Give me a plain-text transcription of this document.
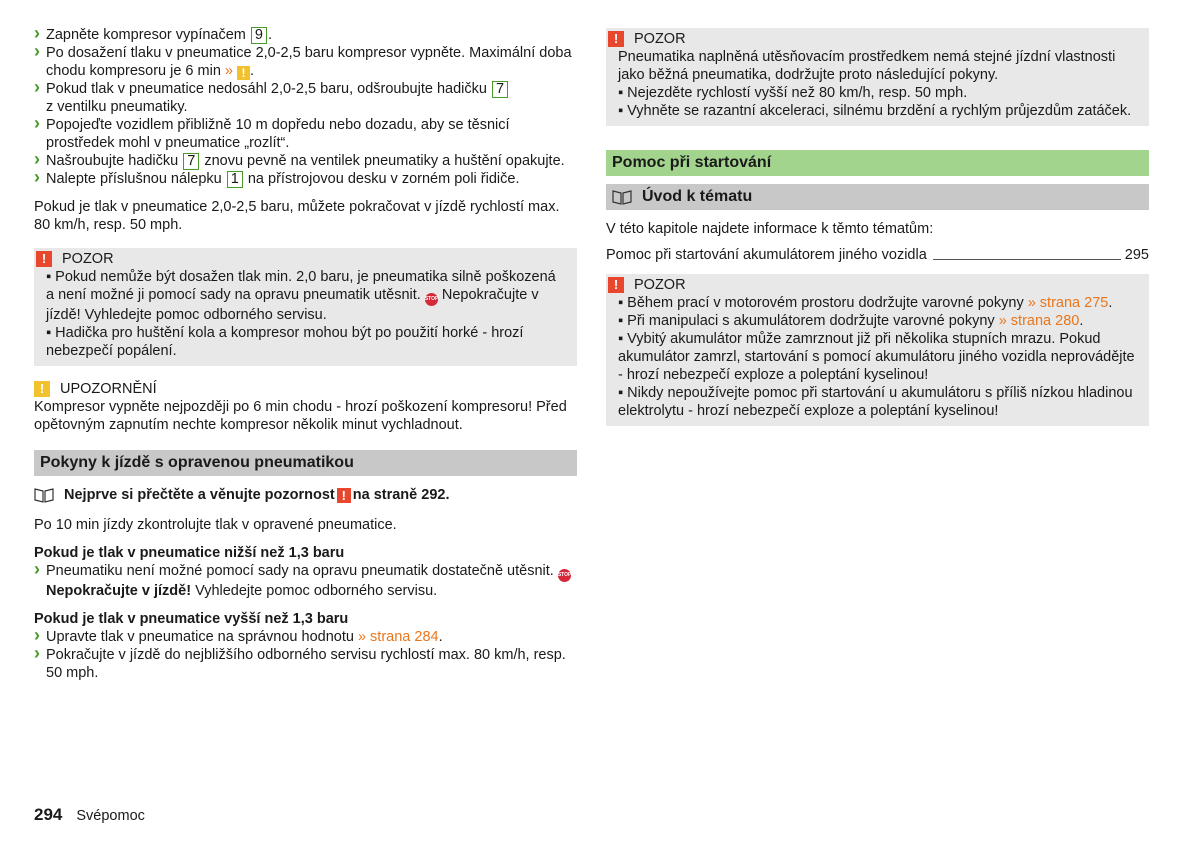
› Zapněte kompresor vypínačem 9 .
› Po dosažení tlaku v pneumatice 2,0-2,5 baru kompresor vypněte. Maximální doba chodu kompresoru je 6 min » ! .
› Pokud tlak v pneumatice nedosáhl 2,0-2,5 baru, odšroubujte hadičku 7
z ventilku pneumatiky.
› Popojeďte vozidlem přibližně 10 m dopředu nebo dozadu, aby se těsnicí prostředek mohl v pneumatice „rozlít“.
› Našroubujte hadičku 7 znovu pevně na ventilek pneumatiky a huštění opakujte.
› Nalepte příslušnou nálepku 1 na přístrojovou desku v zorném poli řidiče.
Pokud je tlak v pneumatice 2,0-2,5 baru, můžete pokračovat v jízdě rychlostí max. 80 km/h, resp. 50 mph.
!	POZOR
▪ Pokud nemůže být dosažen tlak min. 2,0 baru, je pneumatika silně poškozená a není možné ji pomocí sady na opravu pneumatik utěsnit. STOP Nepokračujte v jízdě! Vyhledejte pomoc odborného servisu.
▪ Hadička pro huštění kola a kompresor mohou být po použití horké - hrozí nebezpečí popálení.
!	UPOZORNĚNÍ
Kompresor vypněte nejpozději po 6 min chodu - hrozí poškození kompresoru! Před opětovným zapnutím nechte kompresor několik minut vychladnout.
Pokyny k jízdě s opravenou pneumatikou
Nejprve si přečtěte a věnujte pozornost ! na straně 292.
Po 10 min jízdy zkontrolujte tlak v opravené pneumatice.
Pokud je tlak v pneumatice nižší než 1,3 baru
› Pneumatiku není možné pomocí sady na opravu pneumatik dostatečně utěsnit. STOP Nepokračujte v jízdě! Vyhledejte pomoc odborného servisu.
Pokud je tlak v pneumatice vyšší než 1,3 baru
› Upravte tlak v pneumatice na správnou hodnotu » strana 284.
› Pokračujte v jízdě do nejbližšího odborného servisu rychlostí max. 80 km/h, resp. 50 mph.
!	POZOR
Pneumatika naplněná utěsňovacím prostředkem nemá stejné jízdní vlastnosti jako běžná pneumatika, dodržujte proto následující pokyny.
▪ Nejezděte rychlostí vyšší než 80 km/h, resp. 50 mph.
▪ Vyhněte se razantní akceleraci, silnému brzdění a rychlým průjezdům zatáček.
Pomoc při startování
Úvod k tématu
V této kapitole najdete informace k těmto tématům:
Pomoc při startování akumulátorem jiného vozidla	295
!	POZOR
▪ Během prací v motorovém prostoru dodržujte varovné pokyny » strana 275.
▪ Při manipulaci s akumulátorem dodržujte varovné pokyny » strana 280.
▪ Vybitý akumulátor může zamrznout již při několika stupních mrazu. Pokud akumulátor zamrzl, startování s pomocí akumulátoru jiného vozidla neprovádějte - hrozí nebezpečí exploze a poleptání kyselinou!
▪ Nikdy nepoužívejte pomoc při startování u akumulátoru s příliš nízkou hladinou elektrolytu - hrozí nebezpečí exploze a poleptání kyselinou!
294 Svépomoc
